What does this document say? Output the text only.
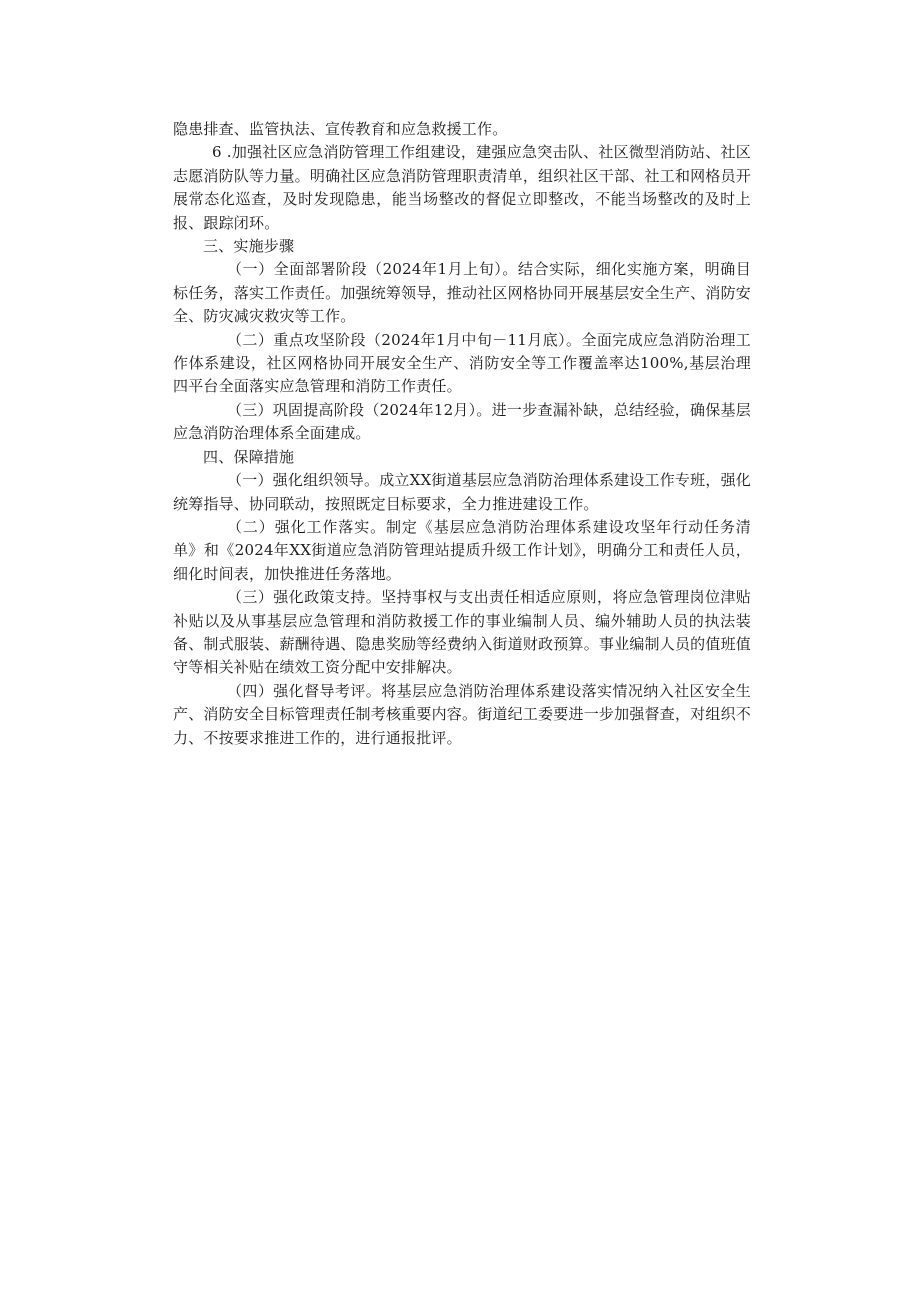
隐患排查、监管执法、宣传教育和应急救援工作。

6 .加强社区应急消防管理工作组建设，建强应急突击队、社区微型消防站、社区志愿消防队等力量。明确社区应急消防管理职责清单，组织社区干部、社工和网格员开展常态化巡查，及时发现隐患，能当场整改的督促立即整改，不能当场整改的及时上报、跟踪闭环。

三、实施步骤

（一）全面部署阶段（2024年1月上旬）。结合实际，细化实施方案，明确目标任务，落实工作责任。加强统筹领导，推动社区网格协同开展基层安全生产、消防安全、防灾减灾救灾等工作。

（二）重点攻坚阶段（2024年1月中旬－11月底）。全面完成应急消防治理工作体系建设，社区网格协同开展安全生产、消防安全等工作覆盖率达100%,基层治理四平台全面落实应急管理和消防工作责任。

（三）巩固提高阶段（2024年12月）。进一步查漏补缺，总结经验，确保基层应急消防治理体系全面建成。

四、保障措施

（一）强化组织领导。成立XX街道基层应急消防治理体系建设工作专班，强化统筹指导、协同联动，按照既定目标要求，全力推进建设工作。

（二）强化工作落实。制定《基层应急消防治理体系建设攻坚年行动任务清单》和《2024年XX街道应急消防管理站提质升级工作计划》，明确分工和责任人员，细化时间表，加快推进任务落地。

（三）强化政策支持。坚持事权与支出责任相适应原则，将应急管理岗位津贴补贴以及从事基层应急管理和消防救援工作的事业编制人员、编外辅助人员的执法装备、制式服装、薪酬待遇、隐患奖励等经费纳入街道财政预算。事业编制人员的值班值守等相关补贴在绩效工资分配中安排解决。

（四）强化督导考评。将基层应急消防治理体系建设落实情况纳入社区安全生产、消防安全目标管理责任制考核重要内容。街道纪工委要进一步加强督查，对组织不力、不按要求推进工作的，进行通报批评。
